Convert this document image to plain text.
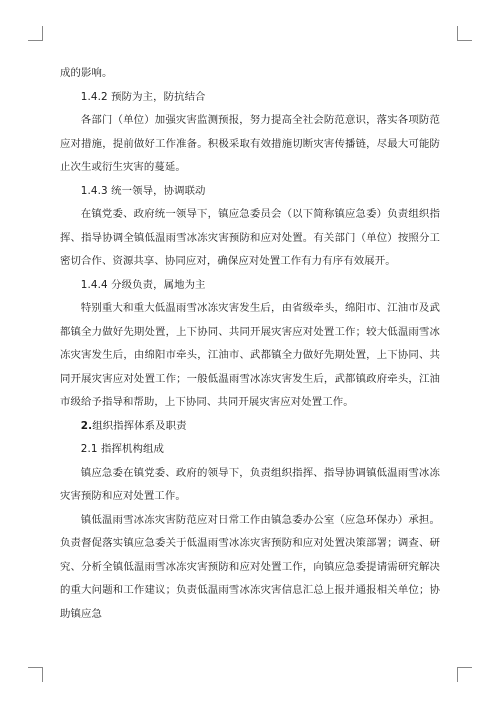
成的影响。

1.4.2 预防为主，防抗结合

各部门（单位）加强灾害监测预报，努力提高全社会防范意识，落实各项防范应对措施，提前做好工作准备。积极采取有效措施切断灾害传播链，尽最大可能防止次生或衍生灾害的蔓延。

1.4.3 统一领导，协调联动

在镇党委、政府统一领导下，镇应急委员会（以下简称镇应急委）负责组织指挥、指导协调全镇低温雨雪冰冻灾害预防和应对处置。有关部门（单位）按照分工密切合作、资源共享、协同应对，确保应对处置工作有力有序有效展开。

1.4.4 分级负责，属地为主

特别重大和重大低温雨雪冰冻灾害发生后，由省级牵头，绵阳市、江油市及武都镇全力做好先期处置，上下协同、共同开展灾害应对处置工作；较大低温雨雪冰冻灾害发生后，由绵阳市牵头，江油市、武都镇全力做好先期处置，上下协同、共同开展灾害应对处置工作；一般低温雨雪冰冻灾害发生后，武都镇政府牵头，江油市级给予指导和帮助，上下协同、共同开展灾害应对处置工作。

2.组织指挥体系及职责

2.1 指挥机构组成

镇应急委在镇党委、政府的领导下，负责组织指挥、指导协调镇低温雨雪冰冻灾害预防和应对处置工作。

镇低温雨雪冰冻灾害防范应对日常工作由镇急委办公室（应急环保办）承担。负责督促落实镇应急委关于低温雨雪冰冻灾害预防和应对处置决策部署；调查、研究、分析全镇低温雨雪冰冻灾害预防和应对处置工作，向镇应急委提请需研究解决的重大问题和工作建议；负责低温雨雪冰冻灾害信息汇总上报并通报相关单位；协助镇应急
